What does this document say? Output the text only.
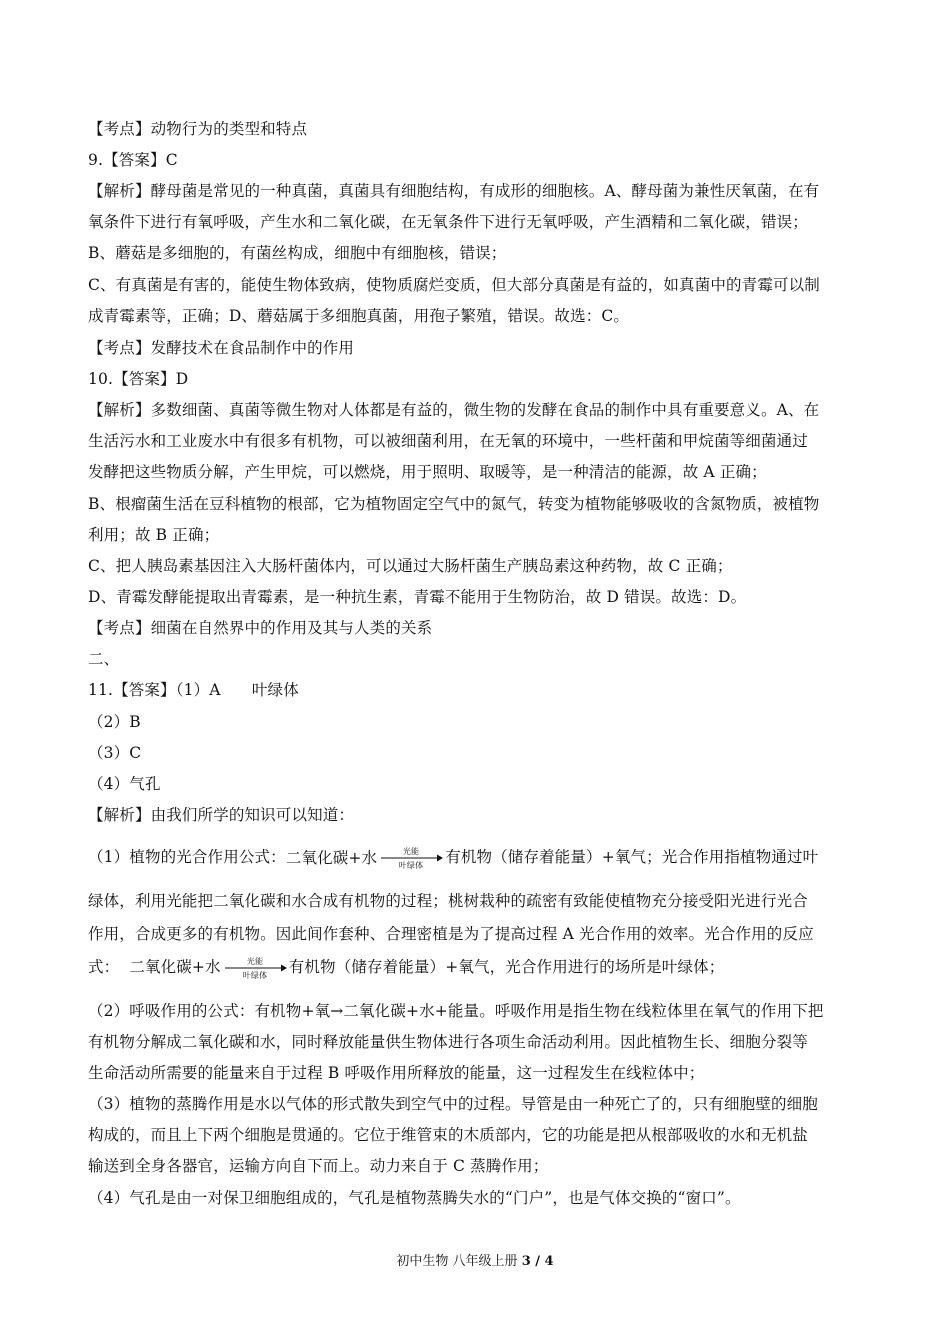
【考点】动物行为的类型和特点
9.【答案】C
【解析】酵母菌是常见的一种真菌，真菌具有细胞结构，有成形的细胞核。A、酵母菌为兼性厌氧菌，在有
氧条件下进行有氧呼吸，产生水和二氧化碳，在无氧条件下进行无氧呼吸，产生酒精和二氧化碳，错误；
B、蘑菇是多细胞的，有菌丝构成，细胞中有细胞核，错误；
C、有真菌是有害的，能使生物体致病，使物质腐烂变质，但大部分真菌是有益的，如真菌中的青霉可以制
成青霉素等，正确；D、蘑菇属于多细胞真菌，用孢子繁殖，错误。故选：C。
【考点】发酵技术在食品制作中的作用
10.【答案】D
【解析】多数细菌、真菌等微生物对人体都是有益的，微生物的发酵在食品的制作中具有重要意义。A、在
生活污水和工业废水中有很多有机物，可以被细菌利用，在无氧的环境中，一些杆菌和甲烷菌等细菌通过
发酵把这些物质分解，产生甲烷，可以燃烧，用于照明、取暖等，是一种清洁的能源，故 A 正确；
B、根瘤菌生活在豆科植物的根部，它为植物固定空气中的氮气，转变为植物能够吸收的含氮物质，被植物
利用；故 B 正确；
C、把人胰岛素基因注入大肠杆菌体内，可以通过大肠杆菌生产胰岛素这种药物，故 C 正确；
D、青霉发酵能提取出青霉素，是一种抗生素，青霉不能用于生物防治，故 D 错误。故选：D。
【考点】细菌在自然界中的作用及其与人类的关系
二、
11.【答案】（1）A　　叶绿体
（2）B
（3）C
（4）气孔
【解析】由我们所学的知识可以知道：
（1）植物的光合作用公式：二氧化碳+水	光能
叶绿体 有机物（储存着能量）+氧气；光合作用指植物通过叶
绿体，利用光能把二氧化碳和水合成有机物的过程；桃树栽种的疏密有致能使植物充分接受阳光进行光合
作用，合成更多的有机物。因此间作套种、合理密植是为了提高过程 A 光合作用的效率。光合作用的反应
式： 二氧化碳+水	光能
叶绿体 有机物（储存着能量）+氧气，光合作用进行的场所是叶绿体；
（2）呼吸作用的公式：有机物+氧→二氧化碳+水+能量。呼吸作用是指生物在线粒体里在氧气的作用下把
有机物分解成二氧化碳和水，同时释放能量供生物体进行各项生命活动利用。因此植物生长、细胞分裂等
生命活动所需要的能量来自于过程 B 呼吸作用所释放的能量，这一过程发生在线粒体中；
（3）植物的蒸腾作用是水以气体的形式散失到空气中的过程。导管是由一种死亡了的，只有细胞壁的细胞
构成的，而且上下两个细胞是贯通的。它位于维管束的木质部内，它的功能是把从根部吸收的水和无机盐
输送到全身各器官，运输方向自下而上。动力来自于 C 蒸腾作用；
（4）气孔是由一对保卫细胞组成的，气孔是植物蒸腾失水的“门户”，也是气体交换的“窗口”。
初中生物 八年级上册 3 / 4
